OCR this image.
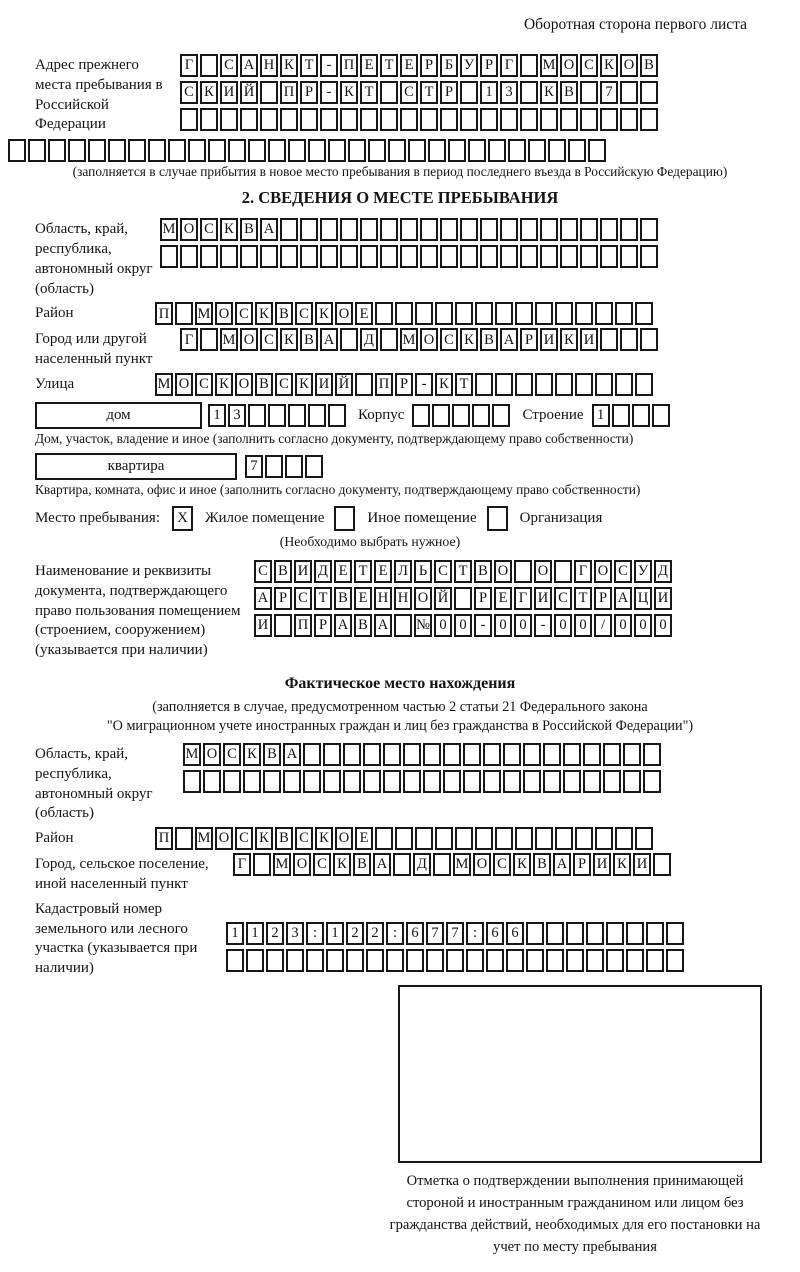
Оборотная сторона первого листа
Адрес прежнего места пребывания в Российской Федерации
Г	С А Н К Т - П Е Т Е Р Б У Р Г	М О С К О В
С К И Й П Р - К Т	С Т Р	1 3	К В	7
(заполняется в случае прибытия в новое место пребывания в период последнего въезда в Российскую Федерацию)
2. СВЕДЕНИЯ О МЕСТЕ ПРЕБЫВАНИЯ
Область, край, республика, автономный округ (область)
М О С К В А
Район	П М О С К В С К О Е
Город или другой населенный пункт
Г	М О С К В А Д М О С К В А Р И К И
Улица	М О С К О В С К И Й П Р - К Т
дом	1 3	Корпус	Строение 1
Дом, участок, владение и иное (заполнить согласно документу, подтверждающему право собственности)
квартира	7
Квартира, комната, офис и иное (заполнить согласно документу, подтверждающему право собственности)
Место пребывания:	X	Жилое помещение	Иное помещение	Организация
(Необходимо выбрать нужное)
Наименование и реквизиты документа, подтверждающего право пользования помещением (строением, сооружением) (указывается при наличии)
С В И Д Е Т Е Л Ь С Т В О О	Г О С У Д
А Р С Т В Е Н Н О Й	Р Е Г И С Т Р А Ц И
И П Р А В А № 0 0 - 0 0 - 0 0 / 0 0 0
Фактическое место нахождения
(заполняется в случае, предусмотренном частью 2 статьи 21 Федерального закона
"О миграционном учете иностранных граждан и лиц без гражданства в Российской Федерации")
Область, край, республика, автономный округ (область)
М О С К В А
Район	П М О С К В С К О Е
Город, сельское поселение, иной населенный пункт
Г	М О С К В А Д М О С К В А Р И К И
Кадастровый номер земельного или лесного участка (указывается при наличии)
1 1 2 3 : 1 2 2 : 6 7 7 : 6 6
Отметка о подтверждении выполнения принимающей стороной и иностранным гражданином или лицом без гражданства действий, необходимых для его постановки на учет по месту пребывания
